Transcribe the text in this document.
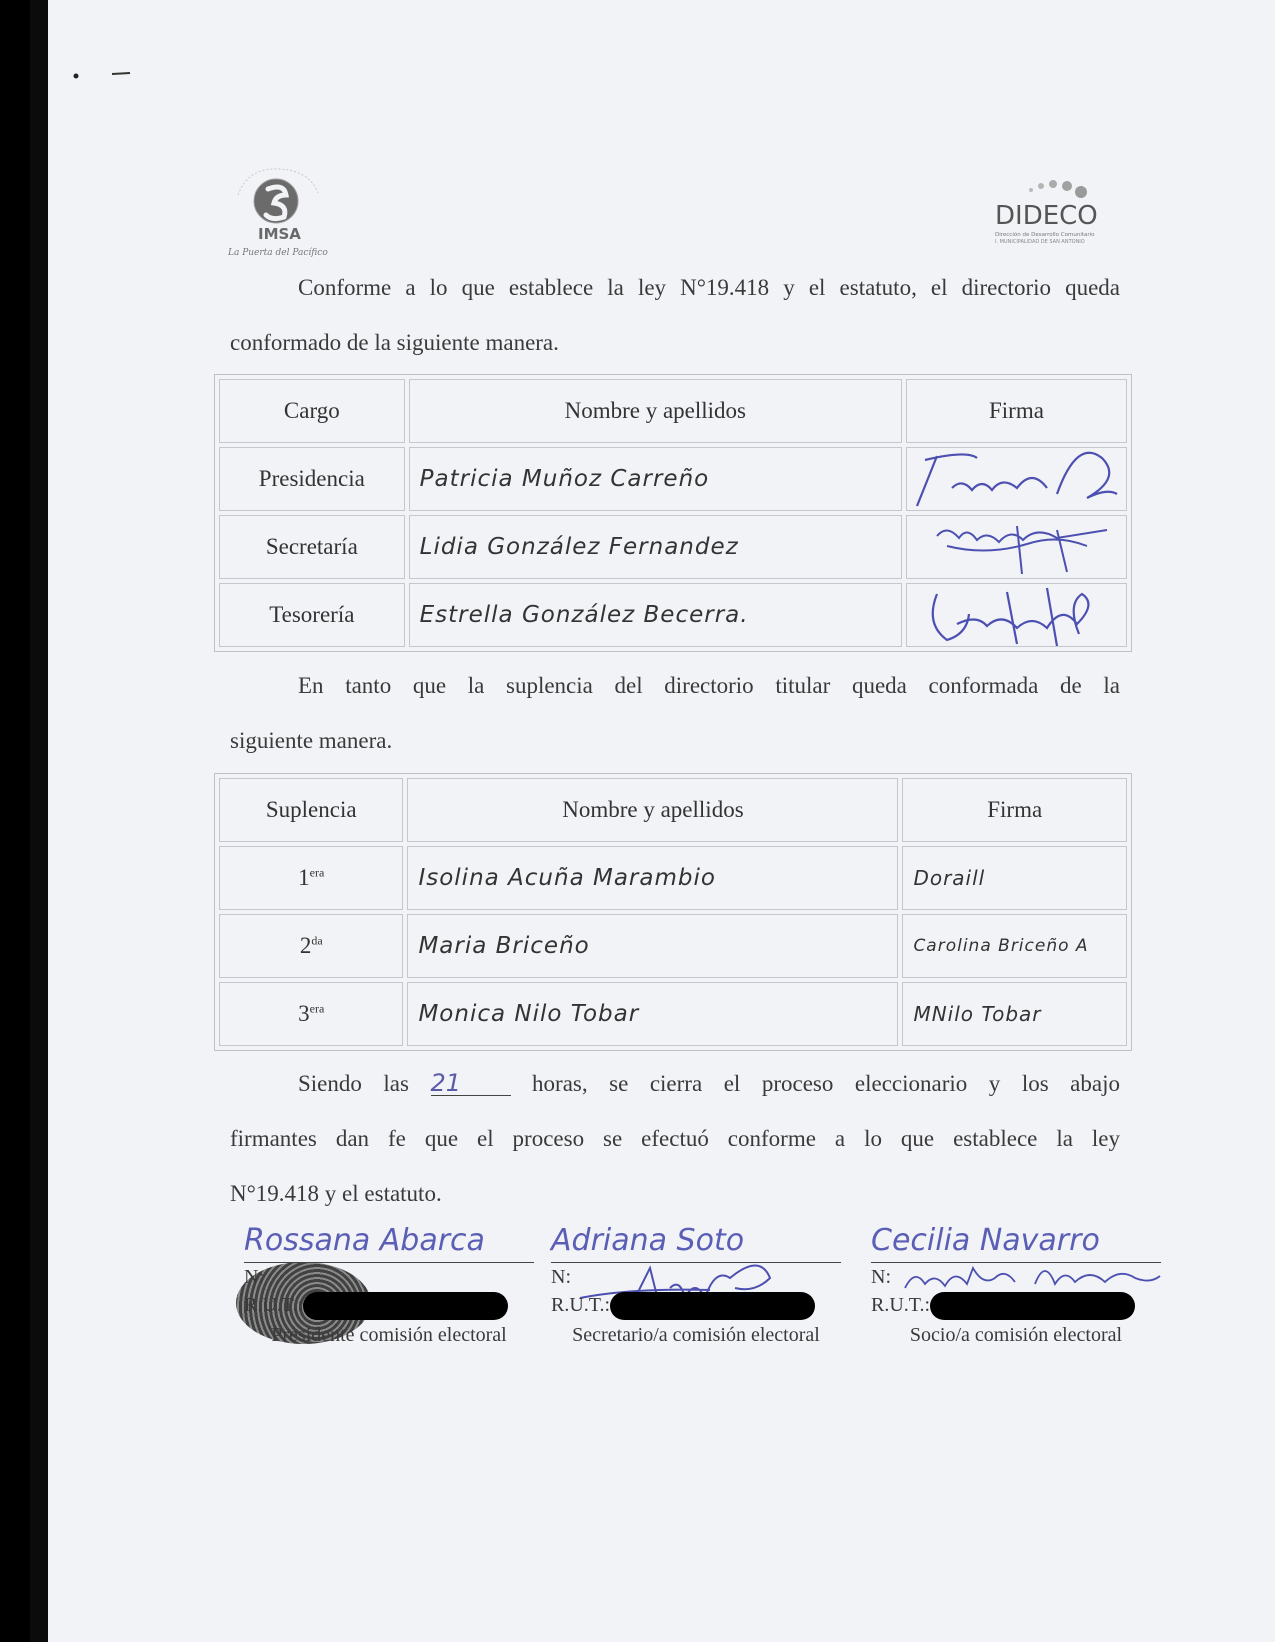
IMSA
La Puerta del Pacífico
DIDECO
Dirección de Desarrollo Comunitario
I. MUNICIPALIDAD DE SAN ANTONIO
Conforme a lo que establece la ley N°19.418 y el estatuto, el directorio queda
conformado de la siguiente manera.
Cargo	Nombre y apellidos	Firma
Presidencia	Patricia Muñoz Carreño	

Secretaría	Lidia González Fernandez	

Tesorería	Estrella González Becerra.	
En tanto que la suplencia del directorio titular queda conformada de la
siguiente manera.
Suplencia	Nombre y apellidos	Firma
$1^{era}$	Isolina Acuña Marambio	Doraill
$2^{da}$	Maria Briceño	Carolina Briceño A
$3^{era}$	Monica Nilo Tobar	MNilo Tobar
Siendo las 21	horas, se cierra el proceso eleccionario y los abajo
firmantes dan fe que el proceso se efectuó conforme a lo que establece la ley
N°19.418 y el estatuto.
Rossana Abarca
N:
R.U.T.:
Presidente comisión electoral
Adriana Soto
N:
R.U.T.:
Secretario/a comisión electoral
Cecilia Navarro
N:
R.U.T.:
Socio/a comisión electoral
